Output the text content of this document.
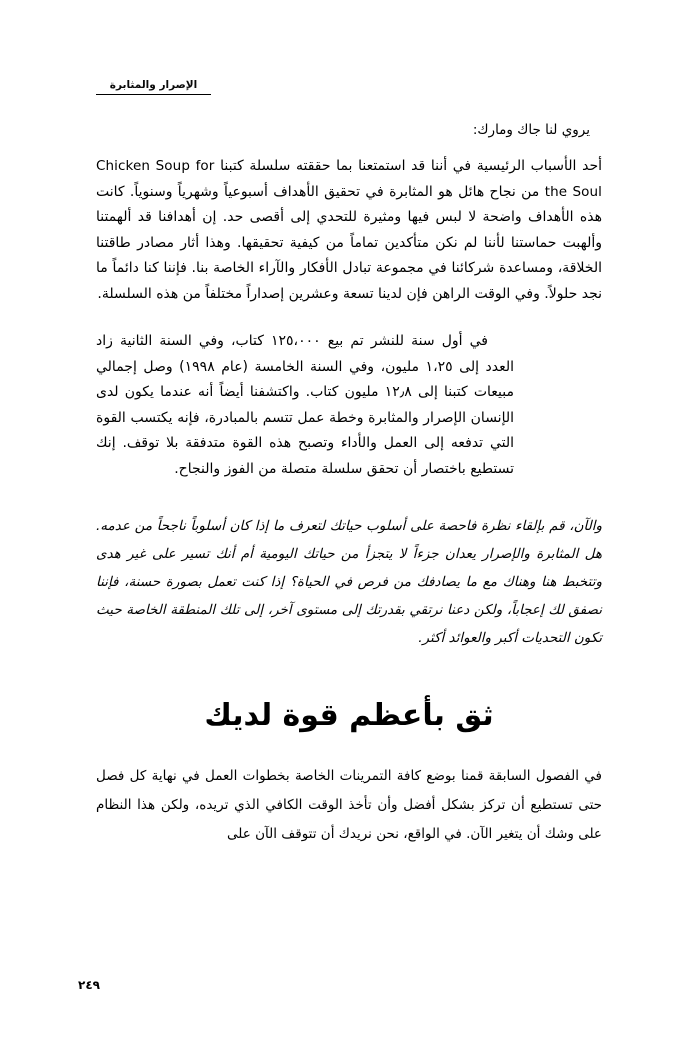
الإصرار والمثابرة

يروي لنا جاك ومارك:

أحد الأسباب الرئيسية في أننا قد استمتعنا بما حققته سلسلة كتبنا Chicken Soup for the Soul من نجاح هائل هو المثابرة في تحقيق الأهداف أسبوعياً وشهرياً وسنوياً. كانت هذه الأهداف واضحة لا لبس فيها ومثيرة للتحدي إلى أقصى حد. إن أهدافنا قد ألهمتنا وألهبت حماستنا لأننا لم نكن متأكدين تماماً من كيفية تحقيقها. وهذا أثار مصادر طاقتنا الخلاقة، ومساعدة شركائنا في مجموعة تبادل الأفكار والآراء الخاصة بنا. فإننا كنا دائماً ما نجد حلولاً. وفي الوقت الراهن فإن لدينا تسعة وعشرين إصداراً مختلفاً من هذه السلسلة.

في أول سنة للنشر تم بيع ١٢٥،٠٠٠ كتاب، وفي السنة الثانية زاد العدد إلى ١،٢٥ مليون، وفي السنة الخامسة (عام ١٩٩٨) وصل إجمالي مبيعات كتبنا إلى ١٢٫٨ مليون كتاب. واكتشفنا أيضاً أنه عندما يكون لدى الإنسان الإصرار والمثابرة وخطة عمل تتسم بالمبادرة، فإنه يكتسب القوة التي تدفعه إلى العمل والأداء وتصبح هذه القوة متدفقة بلا توقف. إنك تستطيع باختصار أن تحقق سلسلة متصلة من الفوز والنجاح.

والآن، قم بإلقاء نظرة فاحصة على أسلوب حياتك لتعرف ما إذا كان أسلوباً ناجحاً من عدمه. هل المثابرة والإصرار يعدان جزءاً لا يتجزأ من حياتك اليومية أم أنك تسير على غير هدى وتتخبط هنا وهناك مع ما يصادفك من فرص في الحياة؟ إذا كنت تعمل بصورة حسنة، فإننا نصفق لك إعجاباً، ولكن دعنا نرتقي بقدرتك إلى مستوى آخر، إلى تلك المنطقة الخاصة حيث تكون التحديات أكبر والعوائد أكثر.

ثق بأعظم قوة لديك

في الفصول السابقة قمنا بوضع كافة التمرينات الخاصة بخطوات العمل في نهاية كل فصل حتى تستطيع أن تركز بشكل أفضل وأن تأخذ الوقت الكافي الذي تريده، ولكن هذا النظام على وشك أن يتغير الآن. في الواقع، نحن نريدك أن تتوقف الآن على

٢٤٩
